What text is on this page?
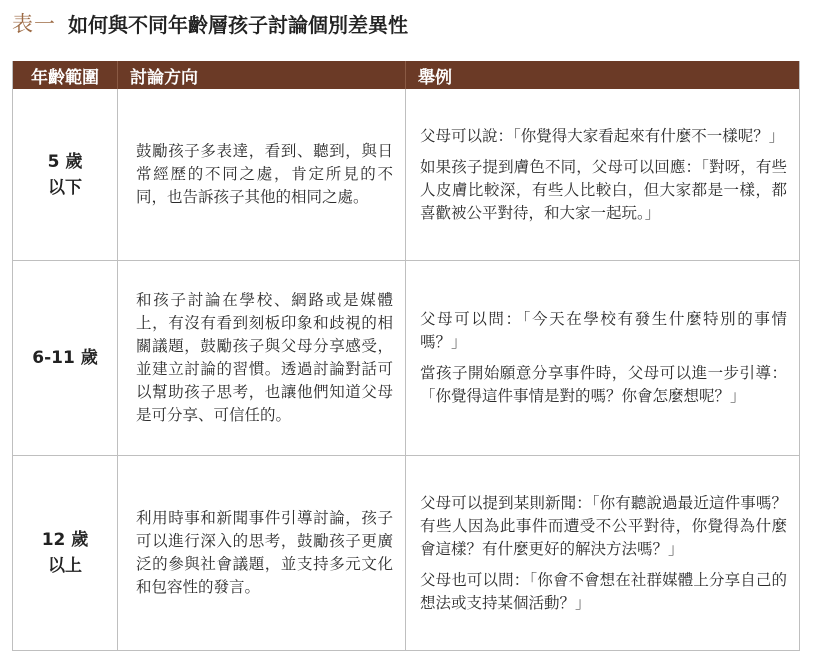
表一 如何與不同年齡層孩子討論個別差異性
年齡範圍	討論方向	舉例
5 歲
以下
鼓勵孩子多表達，看到、聽到，與日常經歷的不同之處，肯定所見的不同，也告訴孩子其他的相同之處。

父母可以說：「你覺得大家看起來有什麼不一樣呢？」

如果孩子提到膚色不同，父母可以回應：「對呀，有些人皮膚比較深，有些人比較白，但大家都是一樣，都喜歡被公平對待，和大家一起玩。」

6-11 歲
和孩子討論在學校、網路或是媒體上，有沒有看到刻板印象和歧視的相關議題，鼓勵孩子與父母分享感受，並建立討論的習慣。透過討論對話可以幫助孩子思考，也讓他們知道父母是可分享、可信任的。

父母可以問：「今天在學校有發生什麼特別的事情嗎？」

當孩子開始願意分享事件時，父母可以進一步引導：「你覺得這件事情是對的嗎？你會怎麼想呢？」

12 歲
以上
利用時事和新聞事件引導討論，孩子可以進行深入的思考，鼓勵孩子更廣泛的參與社會議題，並支持多元文化和包容性的發言。

父母可以提到某則新聞：「你有聽說過最近這件事嗎？有些人因為此事件而遭受不公平對待，你覺得為什麼會這樣？有什麼更好的解決方法嗎？」

父母也可以問：「你會不會想在社群媒體上分享自己的想法或支持某個活動？」
